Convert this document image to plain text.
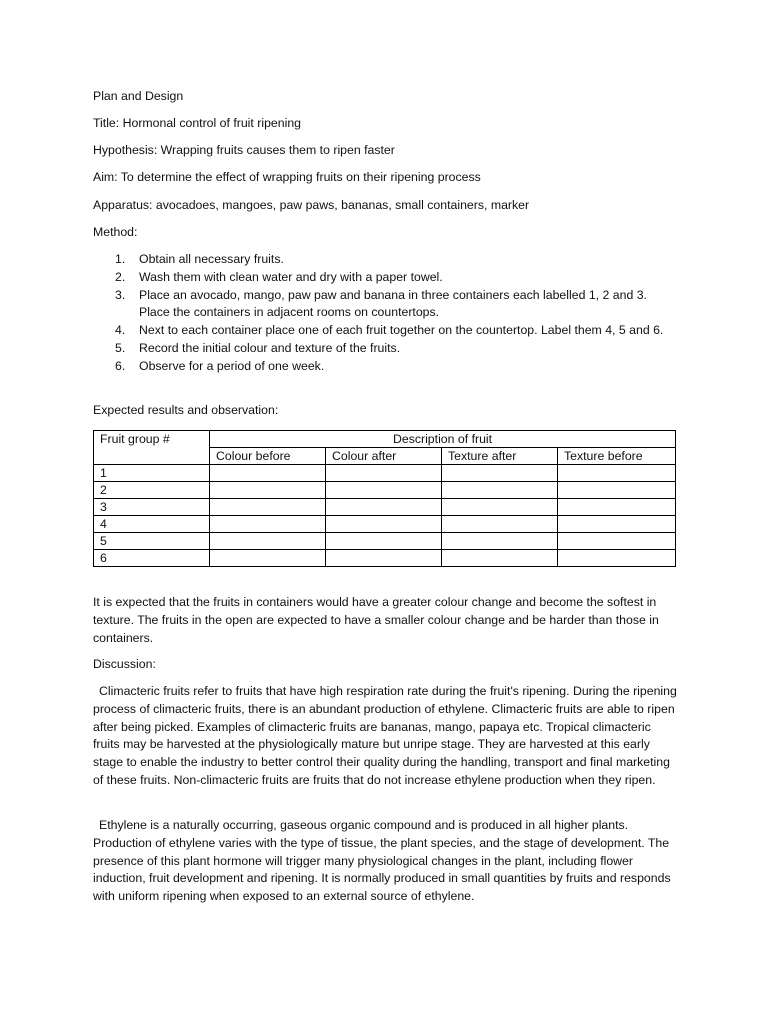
Plan and Design
Title: Hormonal control of fruit ripening
Hypothesis: Wrapping fruits causes them to ripen faster
Aim: To determine the effect of wrapping fruits on their ripening process
Apparatus: avocadoes, mangoes, paw paws, bananas, small containers, marker
Method:
1. Obtain all necessary fruits.
2. Wash them with clean water and dry with a paper towel.
3. Place an avocado, mango, paw paw and banana in three containers each labelled 1, 2 and 3. Place the containers in adjacent rooms on countertops.
4. Next to each container place one of each fruit together on the countertop. Label them 4, 5 and 6.
5. Record the initial colour and texture of the fruits.
6. Observe for a period of one week.
Expected results and observation:
Fruit group #	Description of fruit			
	Colour before	Colour after	Texture after	Texture before
1				
2				
3				
4				
5				
6				
It is expected that the fruits in containers would have a greater colour change and become the softest in texture. The fruits in the open are expected to have a smaller colour change and be harder than those in containers.
Discussion:
Climacteric fruits refer to fruits that have high respiration rate during the fruit's ripening. During the ripening process of climacteric fruits, there is an abundant production of ethylene. Climacteric fruits are able to ripen after being picked. Examples of climacteric fruits are bananas, mango, papaya etc. Tropical climacteric fruits may be harvested at the physiologically mature but unripe stage. They are harvested at this early stage to enable the industry to better control their quality during the handling, transport and final marketing of these fruits. Non-climacteric fruits are fruits that do not increase ethylene production when they ripen.
Ethylene is a naturally occurring, gaseous organic compound and is produced in all higher plants. Production of ethylene varies with the type of tissue, the plant species, and the stage of development. The presence of this plant hormone will trigger many physiological changes in the plant, including flower induction, fruit development and ripening. It is normally produced in small quantities by fruits and responds with uniform ripening when exposed to an external source of ethylene.
